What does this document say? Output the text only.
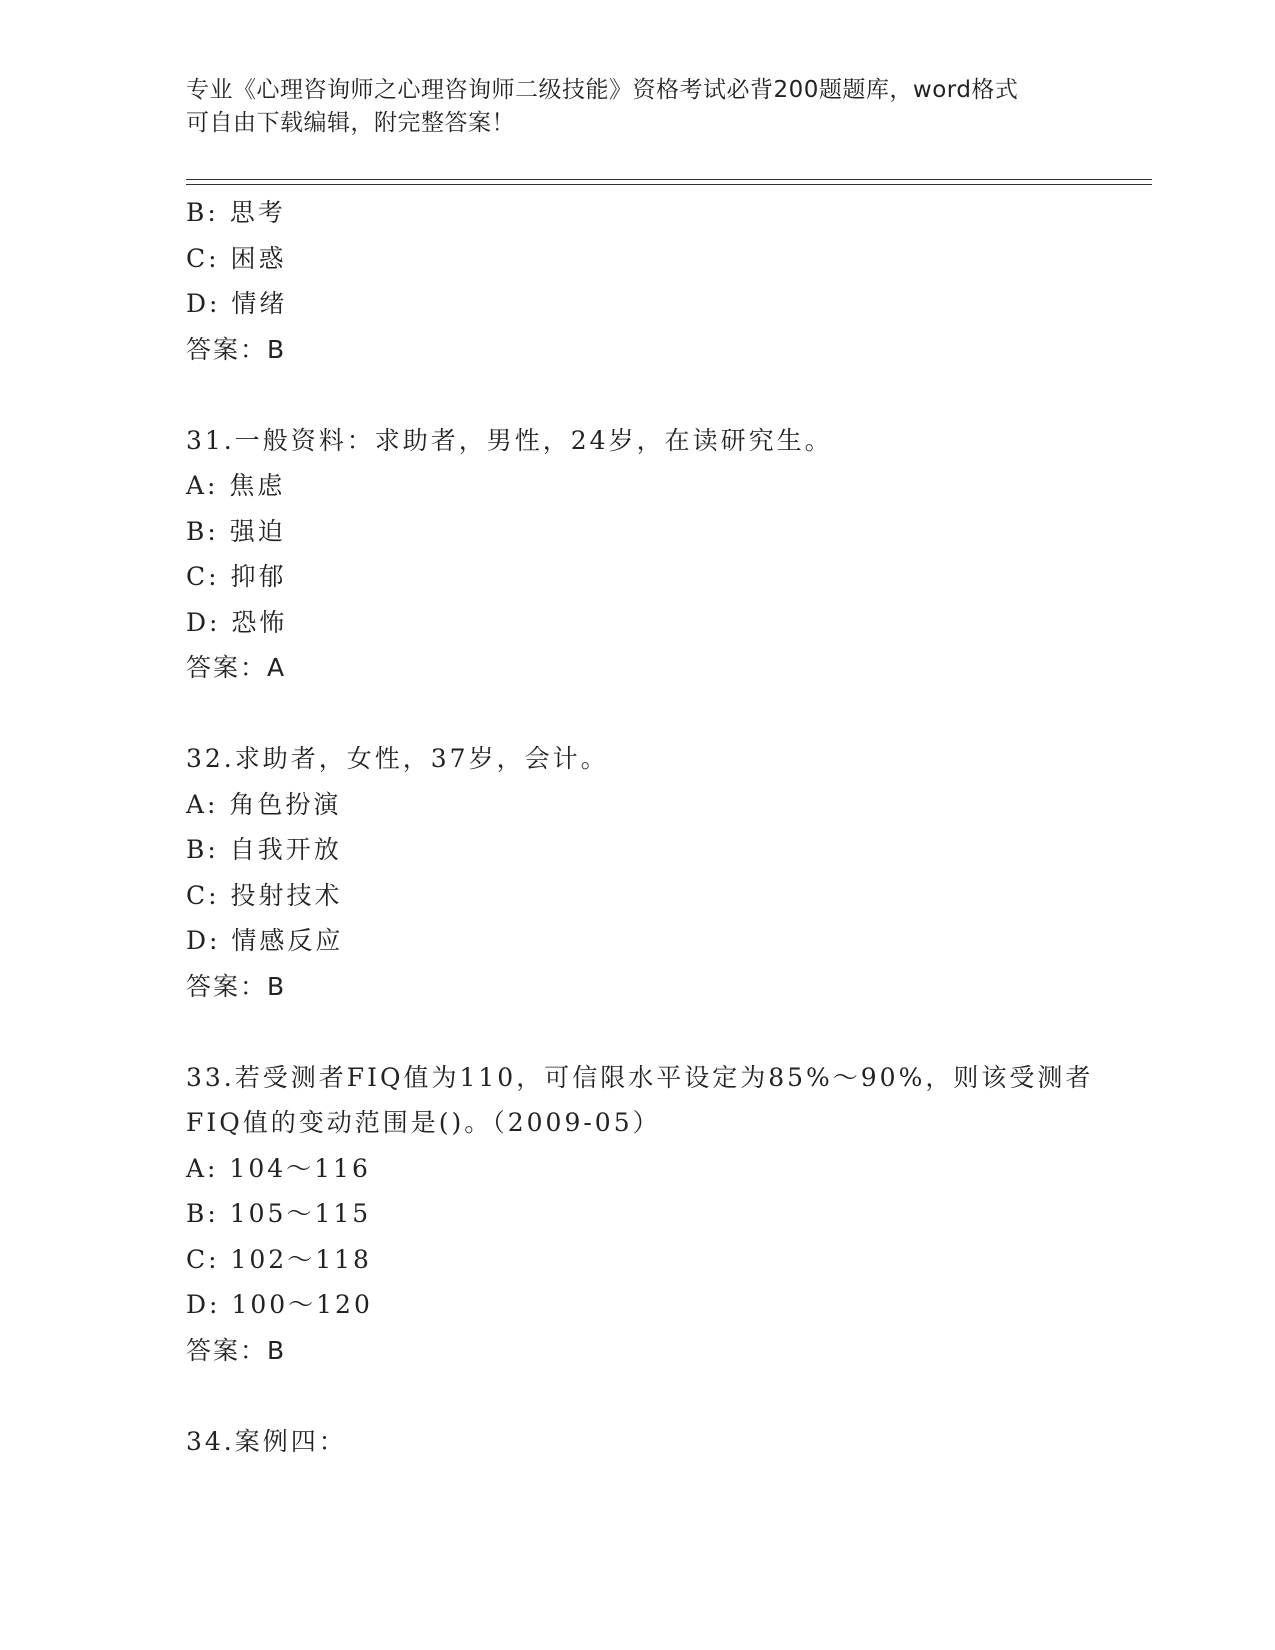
专业《心理咨询师之心理咨询师二级技能》资格考试必背200题题库，word格式
可自由下载编辑，附完整答案！
B: 思考
C: 困惑
D: 情绪
答案：B
31.一般资料：求助者，男性，24岁，在读研究生。
A: 焦虑
B: 强迫
C: 抑郁
D: 恐怖
答案：A
32.求助者，女性，37岁，会计。
A: 角色扮演
B: 自我开放
C: 投射技术
D: 情感反应
答案：B
33.若受测者FIQ值为110，可信限水平设定为85%～90%，则该受测者
FIQ值的变动范围是()。（2009-05）
A: 104～116
B: 105～115
C: 102～118
D: 100～120
答案：B
34.案例四：
